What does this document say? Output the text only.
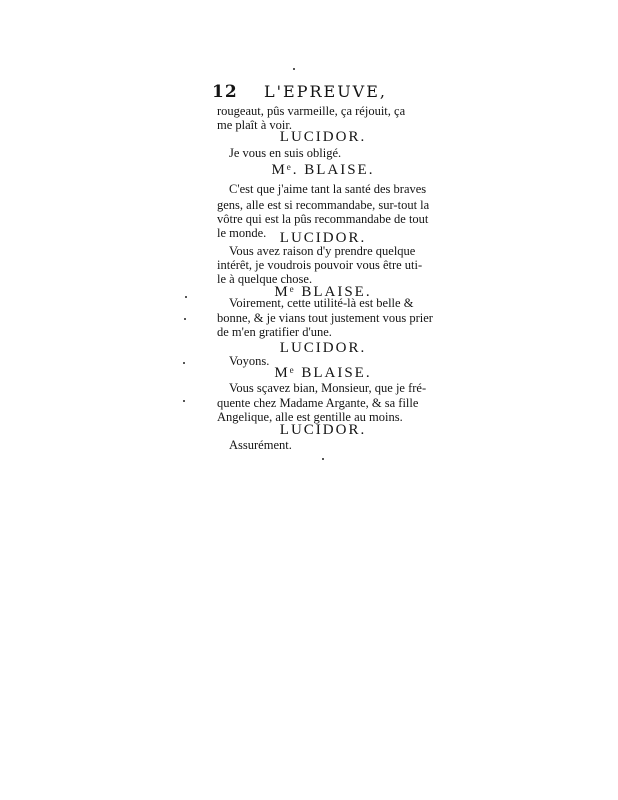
12 L'EPREUVE,
rougeaut, pûs varmeille, ça réjouit, ça
me plaît à voir.
LUCIDOR.
Je vous en suis obligé.
Mᵉ. BLAISE.
C'est que j'aime tant la santé des braves
gens, alle est si recommandabe, sur-tout la
vôtre qui est la pûs recommandabe de tout
le monde. LUCIDOR.
Vous avez raison d'y prendre quelque
intérêt, je voudrois pouvoir vous être uti-
le à quelque chose.
Mᵉ BLAISE.
Voirement, cette utilité-là est belle &
bonne, & je vians tout justement vous prier
de m'en gratifier d'une.
LUCIDOR.
Voyons.
Mᵉ BLAISE.
Vous sçavez bian, Monsieur, que je fré-
quente chez Madame Argante, & sa fille
Angelique, alle est gentille au moins.
LUCIDOR.
Assurément.
